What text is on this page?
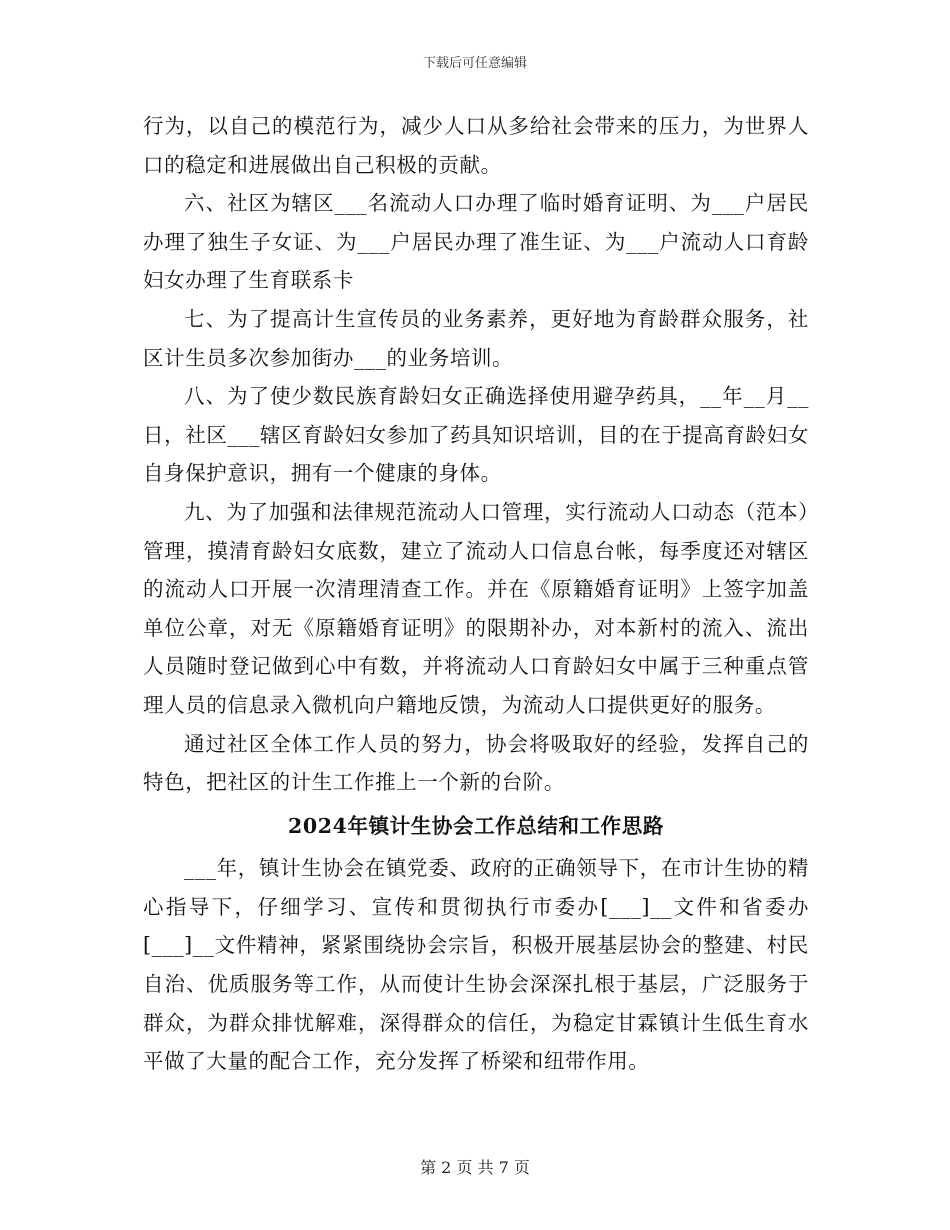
下载后可任意编辑

行为，以自己的模范行为，减少人口从多给社会带来的压力，为世界人口的稳定和进展做出自己积极的贡献。

六、社区为辖区___名流动人口办理了临时婚育证明、为___户居民办理了独生子女证、为___户居民办理了准生证、为___户流动人口育龄妇女办理了生育联系卡

七、为了提高计生宣传员的业务素养，更好地为育龄群众服务，社区计生员多次参加街办___的业务培训。

八、为了使少数民族育龄妇女正确选择使用避孕药具，__年__月__日，社区___辖区育龄妇女参加了药具知识培训，目的在于提高育龄妇女自身保护意识，拥有一个健康的身体。

九、为了加强和法律规范流动人口管理，实行流动人口动态（范本）管理，摸清育龄妇女底数，建立了流动人口信息台帐，每季度还对辖区的流动人口开展一次清理清查工作。并在《原籍婚育证明》上签字加盖单位公章，对无《原籍婚育证明》的限期补办，对本新村的流入、流出人员随时登记做到心中有数，并将流动人口育龄妇女中属于三种重点管理人员的信息录入微机向户籍地反馈，为流动人口提供更好的服务。

通过社区全体工作人员的努力，协会将吸取好的经验，发挥自己的特色，把社区的计生工作推上一个新的台阶。

2024年镇计生协会工作总结和工作思路

___年，镇计生协会在镇党委、政府的正确领导下，在市计生协的精心指导下，仔细学习、宣传和贯彻执行市委办[___]__文件和省委办[___]__文件精神，紧紧围绕协会宗旨，积极开展基层协会的整建、村民自治、优质服务等工作，从而使计生协会深深扎根于基层，广泛服务于群众，为群众排忧解难，深得群众的信任，为稳定甘霖镇计生低生育水平做了大量的配合工作，充分发挥了桥梁和纽带作用。

第 2 页 共 7 页
